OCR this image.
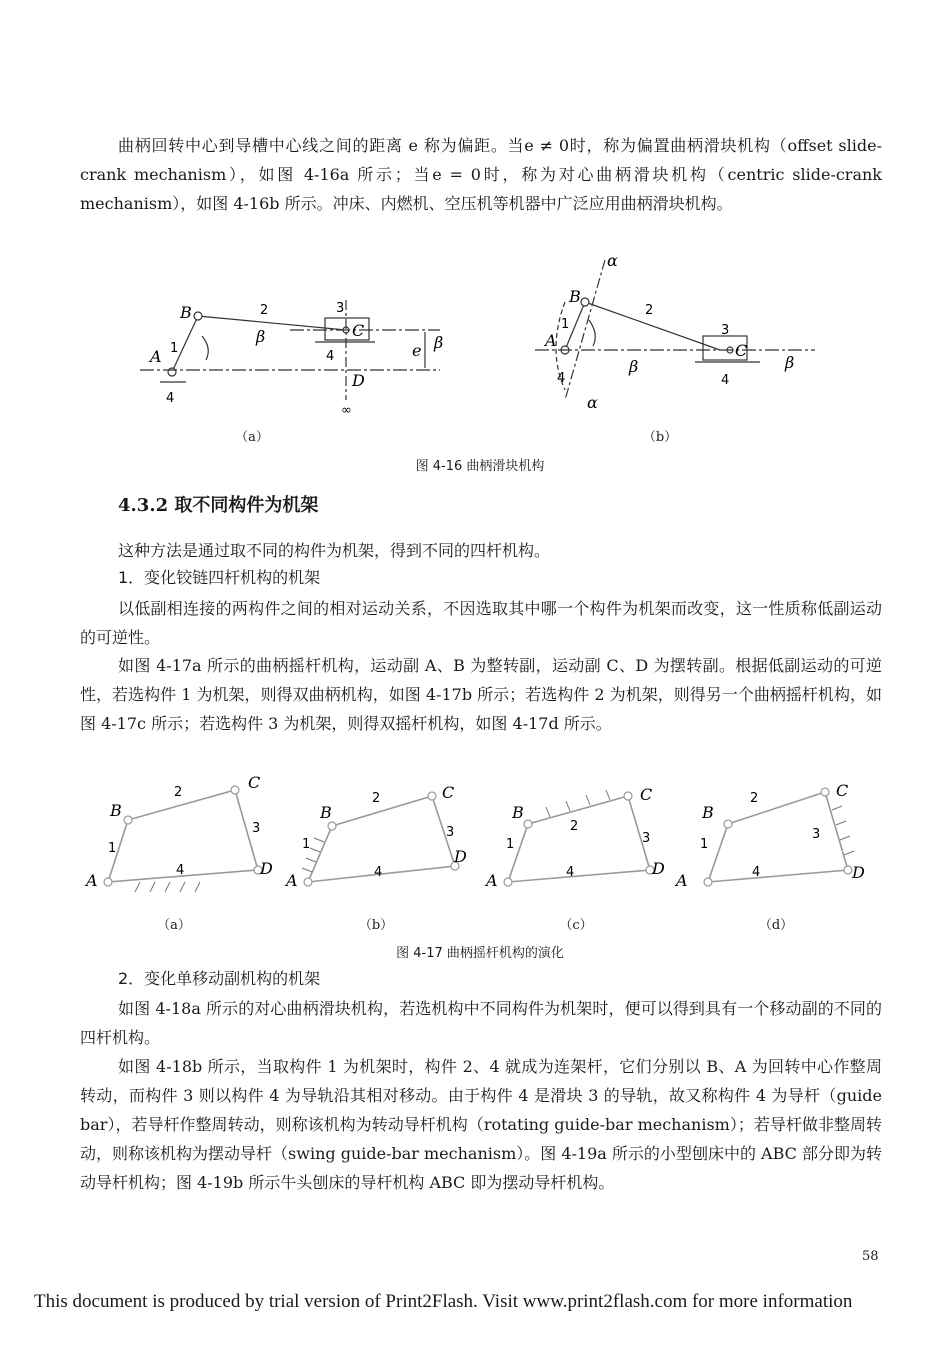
曲柄回转中心到导槽中心线之间的距离 e 称为偏距。当e ≠ 0时，称为偏置曲柄滑块机构（offset slide-crank mechanism），如图 4-16a 所示；当e = 0时，称为对心曲柄滑块机构（centric slide-crank mechanism），如图 4-16b 所示。冲床、内燃机、空压机等机器中广泛应用曲柄滑块机构。
B
A
C
D
1
2	3
4
4
β	β
e
∞
α
α
B
A
C
1
2
3
4	4
β	β
（a）	（b）
图 4-16 曲柄滑块机构
4.3.2 取不同构件为机架
这种方法是通过取不同的构件为机架，得到不同的四杆机构。
1．变化铰链四杆机构的机架
以低副相连接的两构件之间的相对运动关系，不因选取其中哪一个构件为机架而改变，这一性质称低副运动的可逆性。
如图 4-17a 所示的曲柄摇杆机构，运动副 A、B 为整转副，运动副 C、D 为摆转副。根据低副运动的可逆性，若选构件 1 为机架，则得双曲柄机构，如图 4-17b 所示；若选构件 2 为机架，则得另一个曲柄摇杆机构，如图 4-17c 所示；若选构件 3 为机架，则得双摇杆机构，如图 4-17d 所示。
A
B
C
D
1
2
3
4
A
B
C
D
1
2
3
4	A
B
C
D
1
2
3
4	A
B
C
D
1
2
3
4
（a）	（b）	（c）	（d）
图 4-17 曲柄摇杆机构的演化
2．变化单移动副机构的机架
如图 4-18a 所示的对心曲柄滑块机构，若选机构中不同构件为机架时，便可以得到具有一个移动副的不同的四杆机构。
如图 4-18b 所示，当取构件 1 为机架时，构件 2、4 就成为连架杆，它们分别以 B、A 为回转中心作整周转动，而构件 3 则以构件 4 为导轨沿其相对移动。由于构件 4 是滑块 3 的导轨，故又称构件 4 为导杆（guide bar），若导杆作整周转动，则称该机构为转动导杆机构（rotating guide-bar mechanism）；若导杆做非整周转动，则称该机构为摆动导杆（swing guide-bar mechanism）。图 4-19a 所示的小型刨床中的 ABC 部分即为转动导杆机构；图 4-19b 所示牛头刨床的导杆机构 ABC 即为摆动导杆机构。
58
This document is produced by trial version of Print2Flash. Visit www.print2flash.com for more information
